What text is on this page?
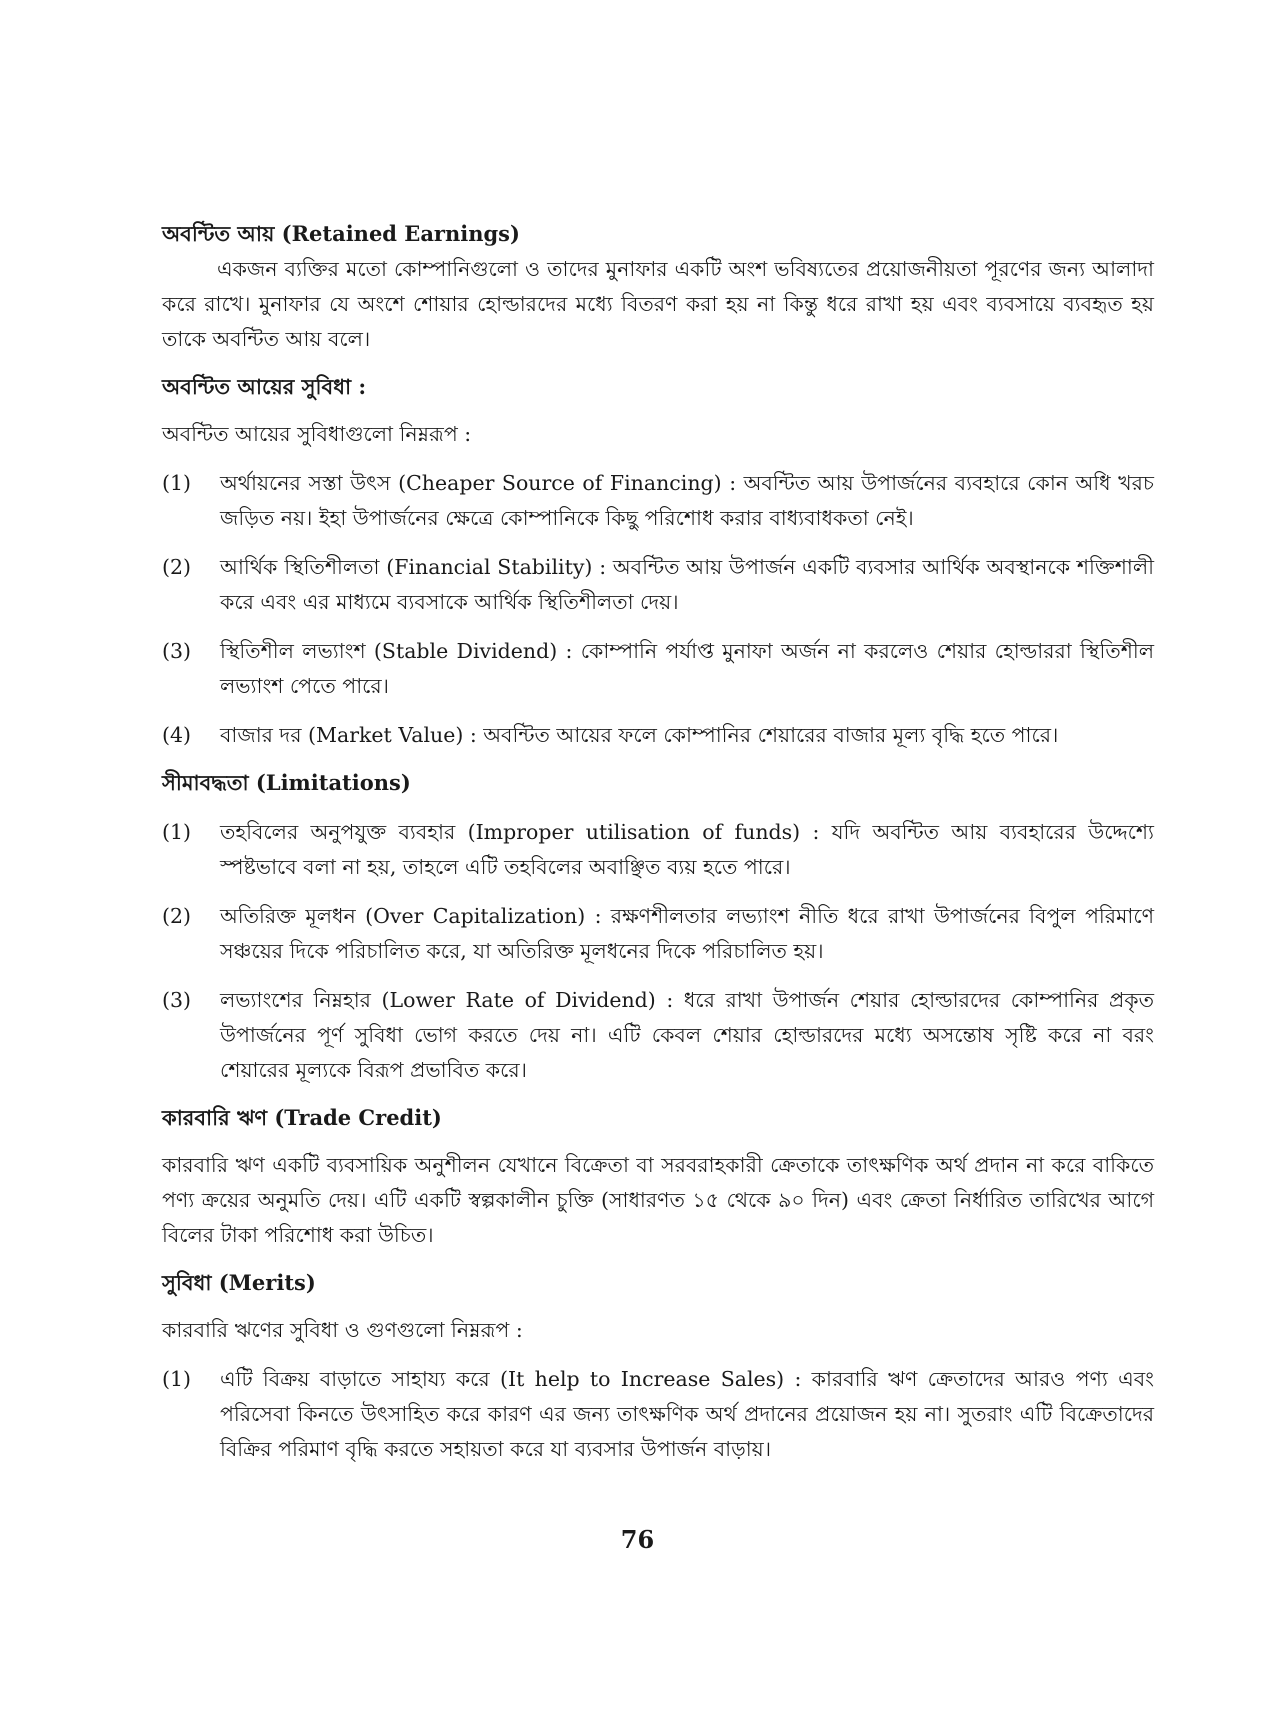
অবন্টিত আয় (Retained Earnings)

একজন ব্যক্তির মতো কোম্পানিগুলো ও তাদের মুনাফার একটি অংশ ভবিষ্যতের প্রয়োজনীয়তা পূরণের জন্য আলাদা করে রাখে। মুনাফার যে অংশে শোয়ার হোল্ডারদের মধ্যে বিতরণ করা হয় না কিন্তু ধরে রাখা হয় এবং ব্যবসায়ে ব্যবহৃত হয় তাকে অবন্টিত আয় বলে।

অবন্টিত আয়ের সুবিধা :

অবন্টিত আয়ের সুবিধাগুলো নিম্নরূপ :

(1)	অর্থায়নের সস্তা উৎস (Cheaper Source of Financing) : অবন্টিত আয় উপার্জনের ব্যবহারে কোন অধি খরচ জড়িত নয়। ইহা উপার্জনের ক্ষেত্রে কোম্পানিকে কিছু পরিশোধ করার বাধ্যবাধকতা নেই।
(2)	আর্থিক স্থিতিশীলতা (Financial Stability) : অবন্টিত আয় উপার্জন একটি ব্যবসার আর্থিক অবস্থানকে শক্তিশালী করে এবং এর মাধ্যমে ব্যবসাকে আর্থিক স্থিতিশীলতা দেয়।
(3)	স্থিতিশীল লভ্যাংশ (Stable Dividend) : কোম্পানি পর্যাপ্ত মুনাফা অর্জন না করলেও শেয়ার হোল্ডাররা স্থিতিশীল লভ্যাংশ পেতে পারে।
(4)	বাজার দর (Market Value) : অবন্টিত আয়ের ফলে কোম্পানির শেয়ারের বাজার মূল্য বৃদ্ধি হতে পারে।

সীমাবদ্ধতা (Limitations)

(1)	তহবিলের অনুপযুক্ত ব্যবহার (Improper utilisation of funds) : যদি অবন্টিত আয় ব্যবহারের উদ্দেশ্যে স্পষ্টভাবে বলা না হয়, তাহলে এটি তহবিলের অবাঞ্ছিত ব্যয় হতে পারে।
(2)	অতিরিক্ত মূলধন (Over Capitalization) : রক্ষণশীলতার লভ্যাংশ নীতি ধরে রাখা উপার্জনের বিপুল পরিমাণে সঞ্চয়ের দিকে পরিচালিত করে, যা অতিরিক্ত মূলধনের দিকে পরিচালিত হয়।
(3)	লভ্যাংশের নিম্নহার (Lower Rate of Dividend) : ধরে রাখা উপার্জন শেয়ার হোল্ডারদের কোম্পানির প্রকৃত উপার্জনের পূর্ণ সুবিধা ভোগ করতে দেয় না। এটি কেবল শেয়ার হোল্ডারদের মধ্যে অসন্তোষ সৃষ্টি করে না বরং শেয়ারের মূল্যকে বিরূপ প্রভাবিত করে।

কারবারি ঋণ (Trade Credit)

কারবারি ঋণ একটি ব্যবসায়িক অনুশীলন যেখানে বিক্রেতা বা সরবরাহকারী ক্রেতাকে তাৎক্ষণিক অর্থ প্রদান না করে বাকিতে পণ্য ক্রয়ের অনুমতি দেয়। এটি একটি স্বল্পকালীন চুক্তি (সাধারণত ১৫ থেকে ৯০ দিন) এবং ক্রেতা নির্ধারিত তারিখের আগে বিলের টাকা পরিশোধ করা উচিত।

সুবিধা (Merits)

কারবারি ঋণের সুবিধা ও গুণগুলো নিম্নরূপ :

(1)	এটি বিক্রয় বাড়াতে সাহায্য করে (It help to Increase Sales) : কারবারি ঋণ ক্রেতাদের আরও পণ্য এবং পরিসেবা কিনতে উৎসাহিত করে কারণ এর জন্য তাৎক্ষণিক অর্থ প্রদানের প্রয়োজন হয় না। সুতরাং এটি বিক্রেতাদের বিক্রির পরিমাণ বৃদ্ধি করতে সহায়তা করে যা ব্যবসার উপার্জন বাড়ায়।
76
